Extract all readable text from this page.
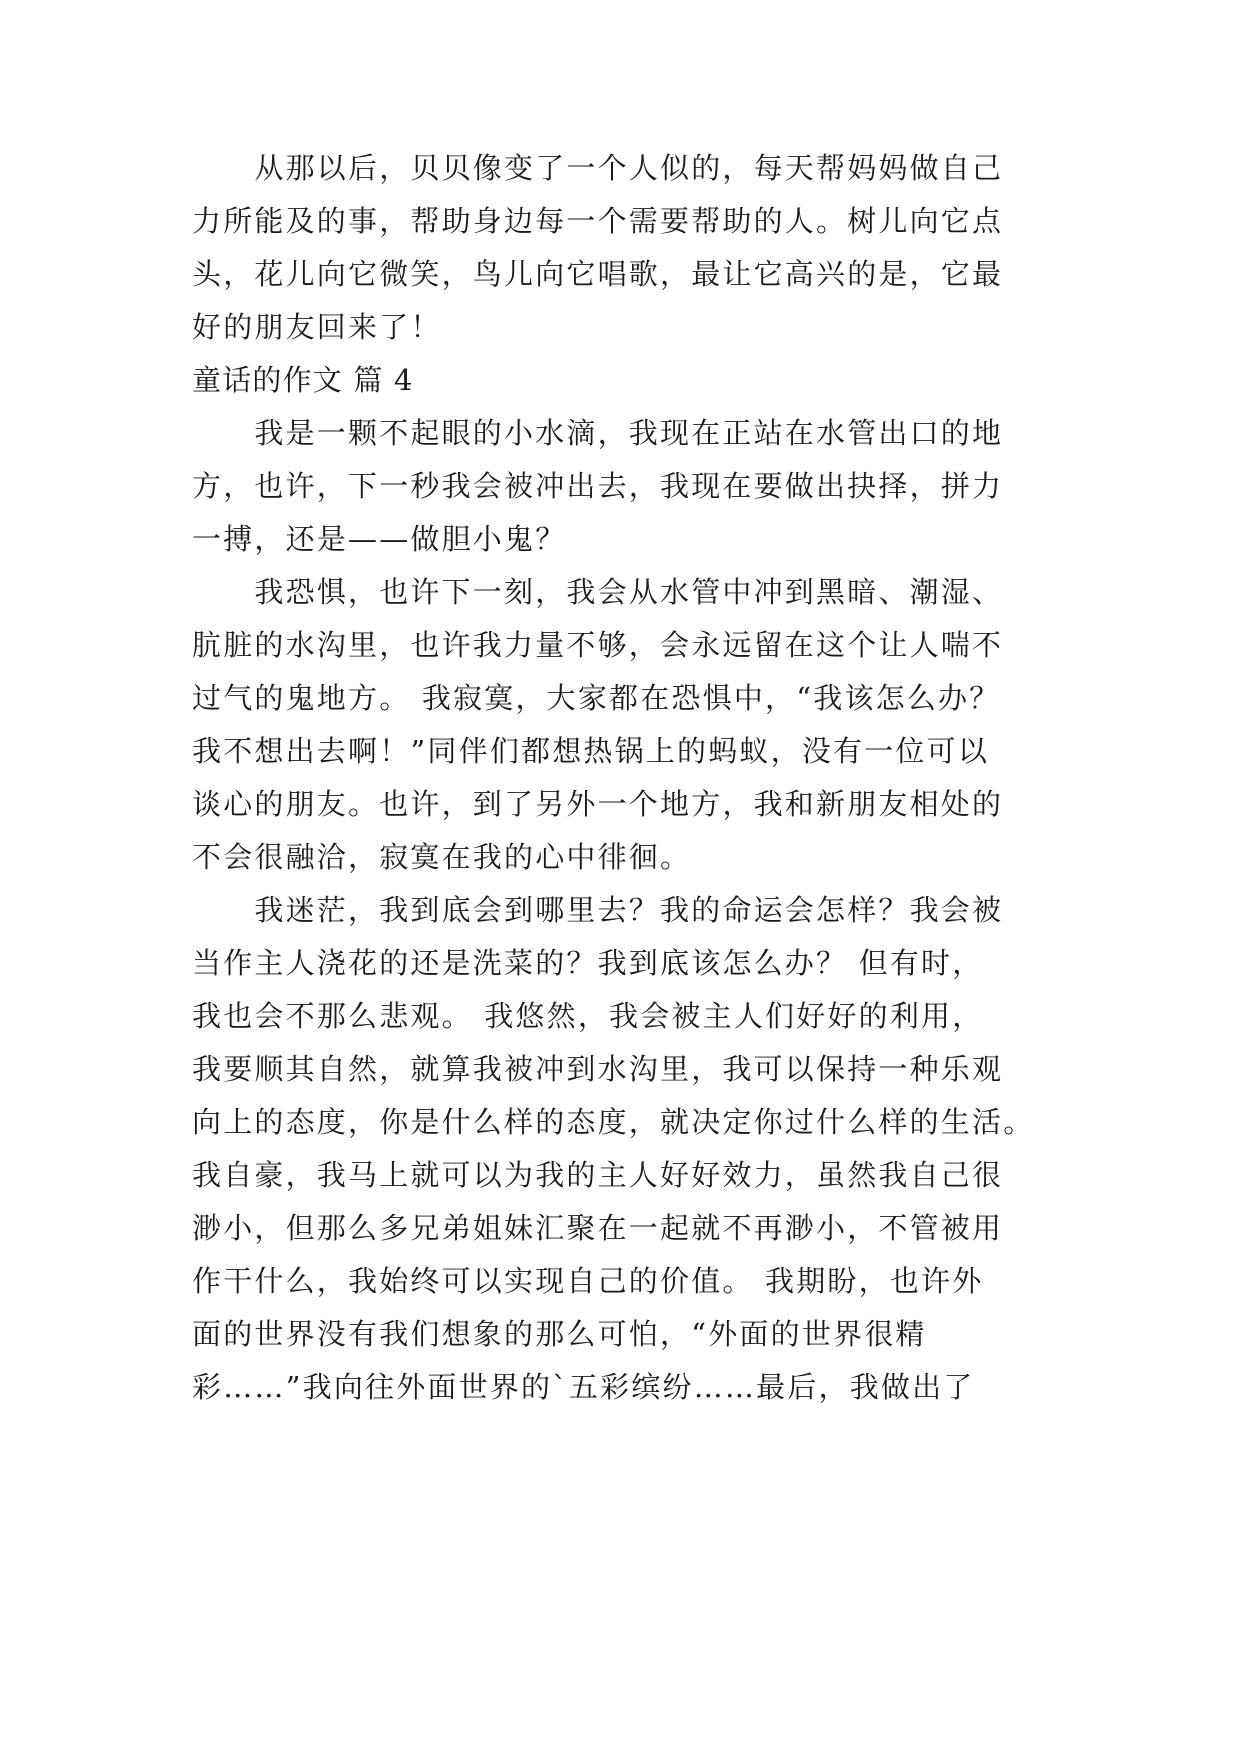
　　从那以后，贝贝像变了一个人似的，每天帮妈妈做自己
力所能及的事，帮助身边每一个需要帮助的人。树儿向它点
头，花儿向它微笑，鸟儿向它唱歌，最让它高兴的是，它最
好的朋友回来了！
童话的作文 篇 4
　　我是一颗不起眼的小水滴，我现在正站在水管出口的地
方，也许，下一秒我会被冲出去，我现在要做出抉择，拼力
一搏，还是——做胆小鬼？
　　我恐惧，也许下一刻，我会从水管中冲到黑暗、潮湿、
肮脏的水沟里，也许我力量不够，会永远留在这个让人喘不
过气的鬼地方。 我寂寞，大家都在恐惧中，“我该怎么办？
我不想出去啊！”同伴们都想热锅上的蚂蚁，没有一位可以
谈心的朋友。也许，到了另外一个地方，我和新朋友相处的
不会很融洽，寂寞在我的心中徘徊。
　　我迷茫，我到底会到哪里去？我的命运会怎样？我会被
当作主人浇花的还是洗菜的？我到底该怎么办？ 但有时，
我也会不那么悲观。 我悠然，我会被主人们好好的利用，
我要顺其自然，就算我被冲到水沟里，我可以保持一种乐观
向上的态度，你是什么样的态度，就决定你过什么样的生活。
我自豪，我马上就可以为我的主人好好效力，虽然我自己很
渺小，但那么多兄弟姐妹汇聚在一起就不再渺小，不管被用
作干什么，我始终可以实现自己的价值。 我期盼，也许外
面的世界没有我们想象的那么可怕，“外面的世界很精
彩……”我向往外面世界的`五彩缤纷……最后，我做出了
